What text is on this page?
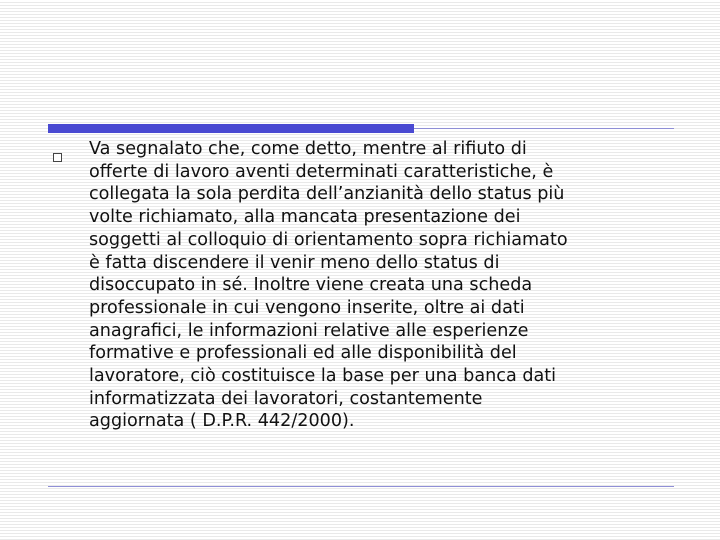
Va segnalato che, come detto, mentre al rifiuto di
offerte di lavoro aventi determinati caratteristiche, è
collegata la sola perdita dell’anzianità dello status più
volte richiamato, alla mancata presentazione dei
soggetti al colloquio di orientamento sopra richiamato
è fatta discendere il venir meno dello status di
disoccupato in sé. Inoltre viene creata una scheda
professionale in cui vengono inserite, oltre ai dati
anagrafici, le informazioni relative alle esperienze
formative e professionali ed alle disponibilità del
lavoratore, ciò costituisce la base per una banca dati
informatizzata dei lavoratori, costantemente
aggiornata ( D.P.R. 442/2000).
